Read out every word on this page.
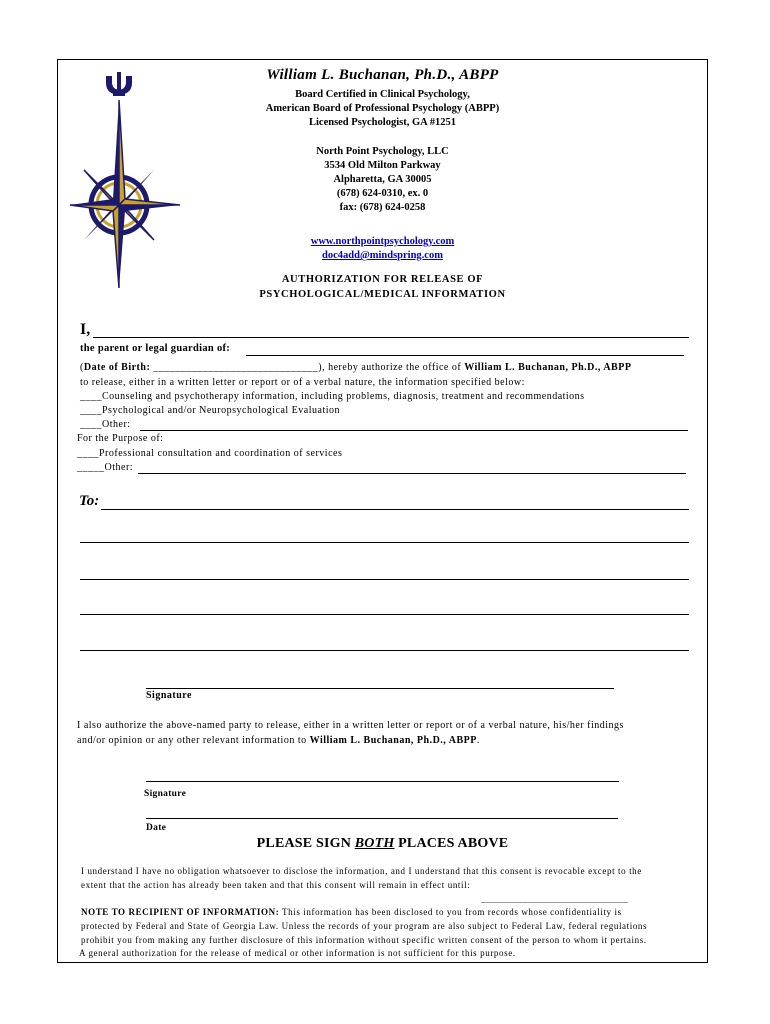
William L. Buchanan, Ph.D., ABPP
Board Certified in Clinical Psychology,
American Board of Professional Psychology (ABPP)
Licensed Psychologist, GA #1251
North Point Psychology, LLC
3534 Old Milton Parkway
Alpharetta, GA 30005
(678) 624-0310, ex. 0
fax: (678) 624-0258
www.northpointpsychology.com
doc4add@mindspring.com
AUTHORIZATION FOR RELEASE OF
PSYCHOLOGICAL/MEDICAL INFORMATION
I,
the parent or legal guardian of:
(Date of Birth: ______________________________), hereby authorize the office of William L. Buchanan, Ph.D., ABPP
to release, either in a written letter or report or of a verbal nature, the information specified below:
____Counseling and psychotherapy information, including problems, diagnosis, treatment and recommendations
____Psychological and/or Neuropsychological Evaluation
____Other:
For the Purpose of:
____Professional consultation and coordination of services
_____Other:
To:
Signature
I also authorize the above-named party to release, either in a written letter or report or of a verbal nature, his/her findings
and/or opinion or any other relevant information to William L. Buchanan, Ph.D., ABPP.
Signature
Date
PLEASE SIGN BOTH PLACES ABOVE
I understand I have no obligation whatsoever to disclose the information, and I understand that this consent is revocable except to the
extent that the action has already been taken and that this consent will remain in effect until:
___________________________________
NOTE TO RECIPIENT OF INFORMATION: This information has been disclosed to you from records whose confidentiality is
protected by Federal and State of Georgia Law. Unless the records of your program are also subject to Federal Law, federal regulations
prohibit you from making any further disclosure of this information without specific written consent of the person to whom it pertains.
A general authorization for the release of medical or other information is not sufficient for this purpose.
